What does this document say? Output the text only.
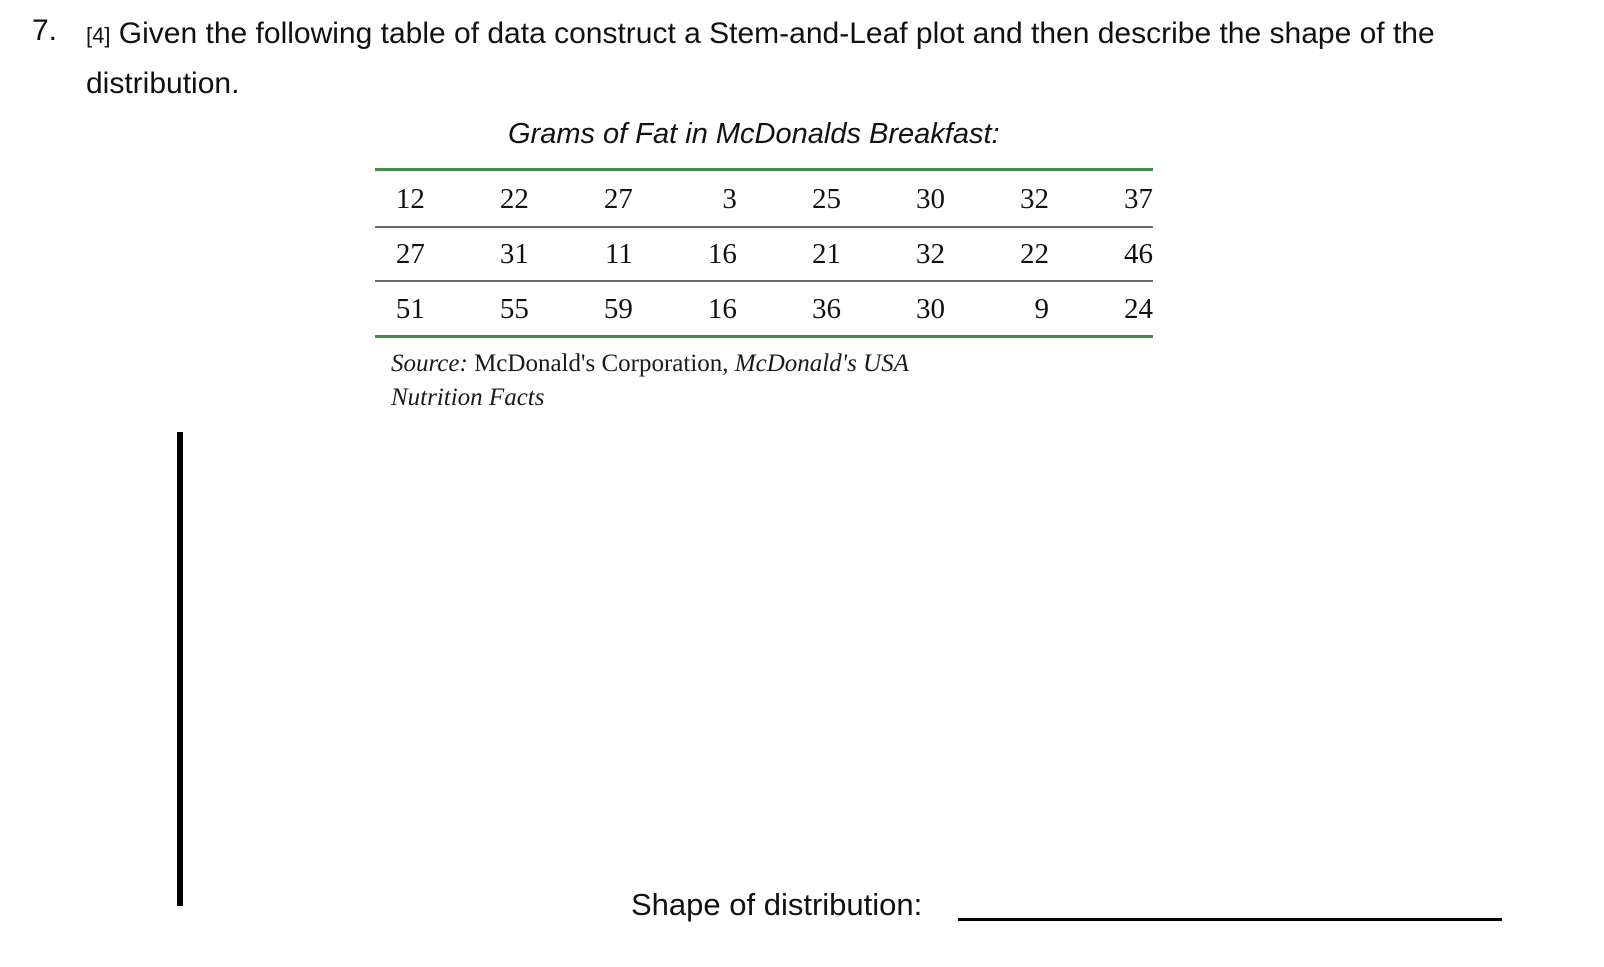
7. [4] Given the following table of data construct a Stem-and-Leaf plot and then describe the shape of the distribution.
Grams of Fat in McDonalds Breakfast:
12	22	27	3	25	30	32	37
27	31	11	16	21	32	22	46
51	55	59	16	36	30	9	24
Source: McDonald's Corporation, McDonald's USA
Nutrition Facts
Shape of distribution:
